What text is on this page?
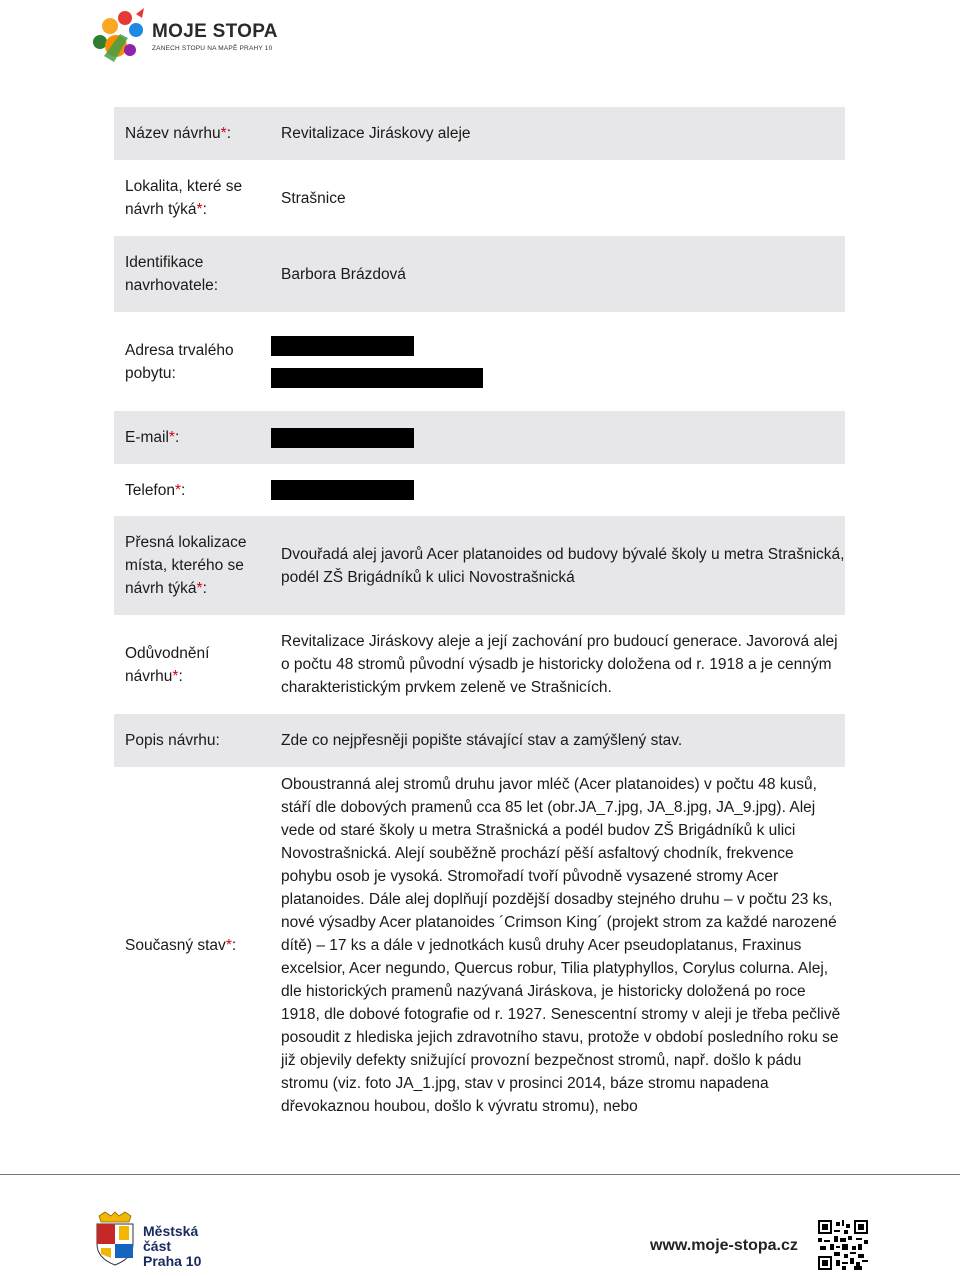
MOJE STOPA
ZANECH STOPU NA MAPĚ PRAHY 10
Název návrhu*:	Revitalizace Jiráskovy aleje
Lokalita, které se návrh týká*:	Strašnice
Identifikace navrhovatele:	Barbora Brázdová
Adresa trvalého pobytu:	

E-mail*:	

Telefon*:	

Přesná lokalizace místa, kterého se návrh týká*:	Dvouřadá alej javorů Acer platanoides od budovy bývalé školy u metra Strašnická, podél ZŠ Brigádníků k ulici Novostrašnická
Odůvodnění návrhu*:	Revitalizace Jiráskovy aleje a její zachování pro budoucí generace. Javorová alej o počtu 48 stromů původní výsadb je historicky doložena od r. 1918 a je cenným charakteristickým prvkem zeleně ve Strašnicích.
Popis návrhu:	Zde co nejpřesněji popište stávající stav a zamýšlený stav.
Současný stav*:	Oboustranná alej stromů druhu javor mléč (Acer platanoides) v počtu 48 kusů, stáří dle dobových pramenů cca 85 let (obr.JA_7.jpg, JA_8.jpg, JA_9.jpg). Alej vede od staré školy u metra Strašnická a podél budov ZŠ Brigádníků k ulici Novostrašnická. Alejí souběžně prochází pěší asfaltový chodník, frekvence pohybu osob je vysoká. Stromořadí tvoří původně vysazené stromy Acer platanoides. Dále alej doplňují pozdější dosadby stejného druhu – v počtu 23 ks, nové výsadby Acer platanoides ´Crimson King´ (projekt strom za každé narozené dítě) – 17 ks a dále v jednotkách kusů druhy Acer pseudoplatanus, Fraxinus excelsior, Acer negundo, Quercus robur, Tilia platyphyllos, Corylus colurna. Alej, dle historických pramenů nazývaná Jiráskova, je historicky doložená po roce 1918, dle dobové fotografie od r. 1927. Senescentní stromy v aleji je třeba pečlivě posoudit z hlediska jejich zdravotního stavu, protože v období posledního roku se již objevily defekty snižující provozní bezpečnost stromů, např. došlo k pádu stromu (viz. foto JA_1.jpg, stav v prosinci 2014, báze stromu napadena dřevokaznou houbou, došlo k vývratu stromu), nebo
Městská
část
Praha 10
www.moje-stopa.cz
